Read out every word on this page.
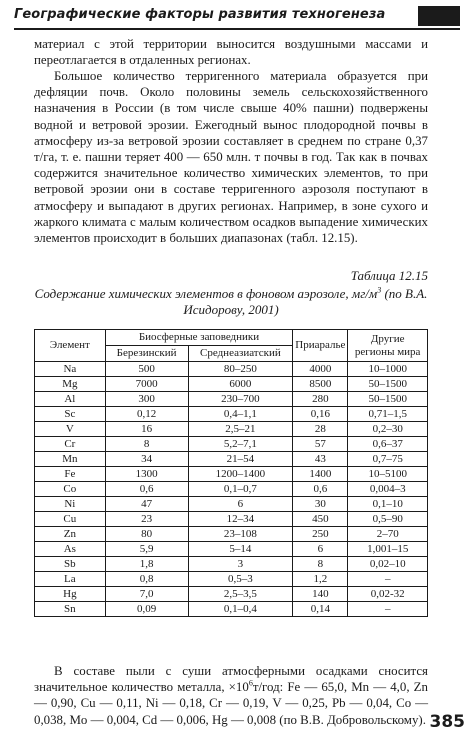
Географические факторы развития техногенеза

материал с этой территории выносится воздушными массами и переотлагается в отдаленных регионах.

Большое количество терригенного материала образуется при дефляции почв. Около половины земель сельскохозяйственного назначения в России (в том числе свыше 40% пашни) подвержены водной и ветровой эрозии. Ежегодный вынос плодородной почвы в атмосферу из-за ветровой эрозии составляет в среднем по стране 0,37 т/га, т. е. пашни теряет 400 — 650 млн. т почвы в год. Так как в почвах содержится значительное количество химических элементов, то при ветровой эрозии они в составе терригенного аэрозоля поступают в атмосферу и выпадают в других регионах. Например, в зоне сухого и жаркого климата с малым количеством осадков выпадение химических элементов происходит в больших диапазонах (табл. 12.15).

Таблица 12.15
Содержание химических элементов в фоновом аэрозоле, $мг/м^3$ (по В.А. Исидорову, 2001)
Элемент	Биосферные заповедники		Приаралье	Другие регионы мира
	Березинский	Среднеазиатский		
Na	500	80–250	4000	10–1000
Mg	7000	6000	8500	50–1500
Al	300	230–700	280	50–1500
Sc	0,12	0,4–1,1	0,16	0,71–1,5
V	16	2,5–21	28	0,2–30
Cr	8	5,2–7,1	57	0,6–37
Mn	34	21–54	43	0,7–75
Fe	1300	1200–1400	1400	10–5100
Co	0,6	0,1–0,7	0,6	0,004–3
Ni	47	6	30	0,1–10
Cu	23	12–34	450	0,5–90
Zn	80	23–108	250	2–70
As	5,9	5–14	6	1,001–15
Sb	1,8	3	8	0,02–10
La	0,8	0,5–3	1,2	–
Hg	7,0	2,5–3,5	140	0,02-32
Sn	0,09	0,1–0,4	0,14	–

В составе пыли с суши атмосферными осадками сносится значительное количество металла, $\times 10^6т$/год: Fe — 65,0, Mn — 4,0, Zn — 0,90, Cu — 0,11, Ni — 0,18, Cr — 0,19, V — 0,25, Pb — 0,04, Co — 0,038, Mo — 0,004, Cd — 0,006, Hg — 0,008 (по В.В. Добровольскому). 385
